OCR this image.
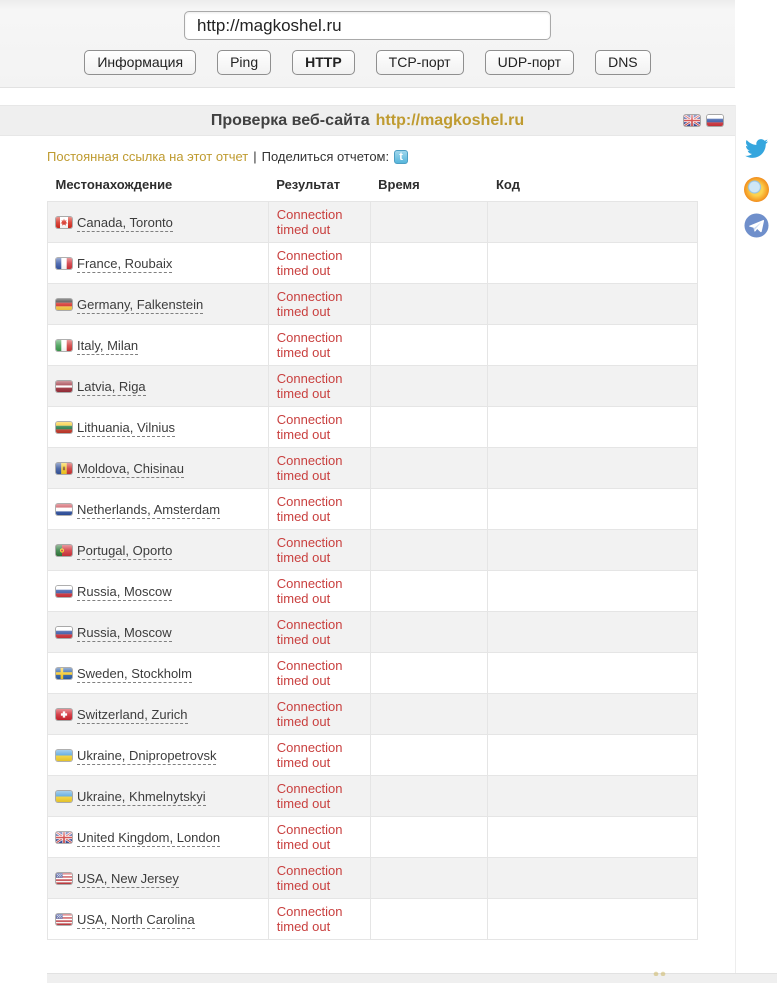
http://magkoshel.ru
Информация	Ping	HTTP	TCP-порт	UDP-порт	DNS
Проверка веб-сайта http://magkoshel.ru
Постоянная ссылка на этот отчет | Поделиться отчетом:
t
Местонахождение	Результат	Время	Код

Canada, Toronto	Connection timed out		

France, Roubaix	Connection timed out		

Germany, Falkenstein	Connection timed out		

Italy, Milan	Connection timed out		

Latvia, Riga	Connection timed out		

Lithuania, Vilnius	Connection timed out		

Moldova, Chisinau	Connection timed out		

Netherlands, Amsterdam	Connection timed out		

Portugal, Oporto	Connection timed out		

Russia, Moscow	Connection timed out		

Russia, Moscow	Connection timed out		

Sweden, Stockholm	Connection timed out		

Switzerland, Zurich	Connection timed out		

Ukraine, Dnipropetrovsk	Connection timed out		

Ukraine, Khmelnytskyi	Connection timed out		

United Kingdom, London	Connection timed out		

USA, New Jersey	Connection timed out		

USA, North Carolina	Connection timed out		
